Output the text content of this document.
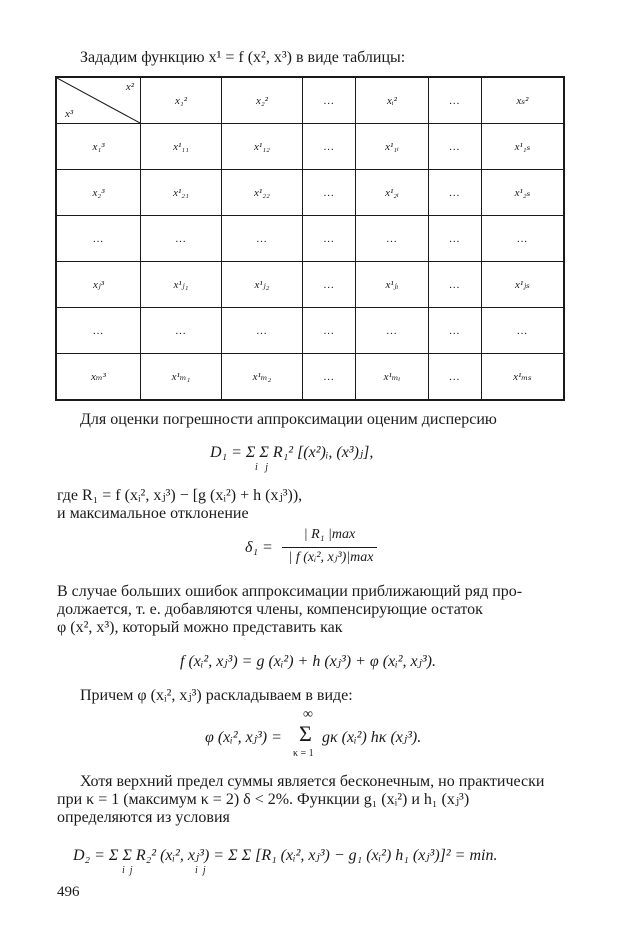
Зададим функцию x¹ = f (x², x³) в виде таблицы:
x²
x³	x₁²	x₂²	…	xᵢ²	…	xₛ²
x₁³	x¹₁₁	x¹₁₂	…	x¹₁ᵢ	…	x¹₁ₛ
x₂³	x¹₂₁	x¹₂₂	…	x¹₂ᵢ	…	x¹₂ₛ
…	…	…	…	…	…	…
xⱼ³	x¹ⱼ₁	x¹ⱼ₂	…	x¹ⱼᵢ	…	x¹ⱼₛ
…	…	…	…	…	…	…
xₘ³	x¹ₘ₁	x¹ₘ₂	…	x¹ₘᵢ	…	x¹ₘₛ
Для оценки погрешности аппроксимации оценим дисперсию
D₁ = Σ Σ R₁² [(x²)ᵢ, (x³)ⱼ],
i   j
где R₁ = f (xᵢ², xⱼ³) − [g (xᵢ²) + h (xⱼ³)),
и максимальное отклонение
δ₁ =
| R₁ |max
| f (xᵢ², xⱼ³)|max
В случае больших ошибок аппроксимации приближающий ряд про-
должается, т. е. добавляются члены, компенсирующие остаток
φ (x², x³), который можно представить как
f (xᵢ², xⱼ³) = g (xᵢ²) + h (xⱼ³) + φ (xᵢ², xⱼ³).
Причем φ (xᵢ², xⱼ³) раскладываем в виде:
φ (xᵢ², xⱼ³) =
∞
Σ
κ = 1
gκ (xᵢ²) hκ (xⱼ³).
Хотя верхний предел суммы является бесконечным, но практически
при κ = 1 (максимум κ = 2) δ < 2%. Функции g₁ (xᵢ²) и h₁ (xⱼ³)
определяются из условия
D₂ = Σ Σ R₂² (xᵢ², xⱼ³) = Σ Σ [R₁ (xᵢ², xⱼ³) − g₁ (xᵢ²) h₁ (xⱼ³)]² = min.
i  j                         i  j
496
